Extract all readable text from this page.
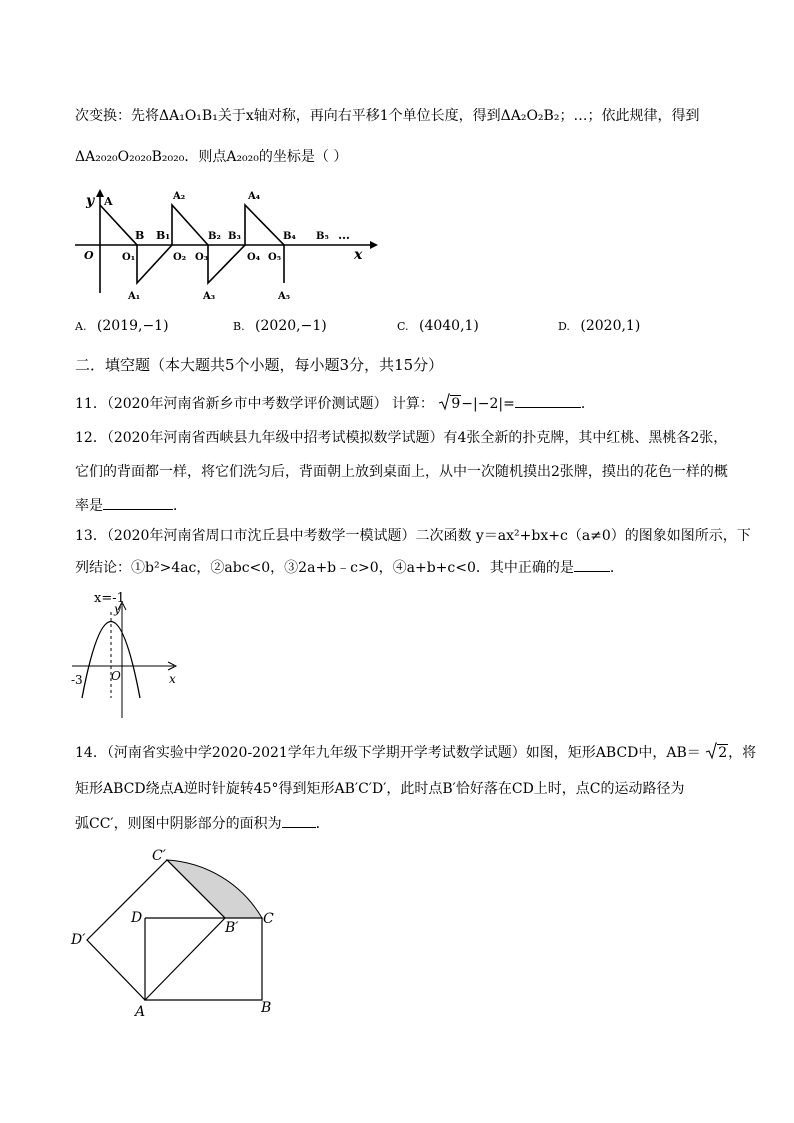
次变换：先将ΔA₁O₁B₁关于x轴对称，再向右平移1个单位长度，得到ΔA₂O₂B₂；…；依此规律，得到
ΔA₂₀₂₀O₂₀₂₀B₂₀₂₀．则点A₂₀₂₀的坐标是（ ）
y A
O
B B₁
O₁
A₁
A₂
O₂
B₂
O₃
A₃
B₃
A₄
O₄
B₄
O₅
A₅
B₅ …
x
A. (2019,−1)	B. (2020,−1)	C. (4040,1)	D. (2020,1)
二．填空题（本大题共5个小题，每小题3分，共15分）
11．（2020年河南省新乡市中考数学评价测试题） 计算： 9−|−2|=	．
12．（2020年河南省西峡县九年级中招考试模拟数学试题）有4张全新的扑克牌，其中红桃、黑桃各2张，
它们的背面都一样，将它们洗匀后，背面朝上放到桌面上，从中一次随机摸出2张牌，摸出的花色一样的概
率是	．
13．（2020年河南省周口市沈丘县中考数学一模试题）二次函数 y＝ax²+bx+c（a≠0）的图象如图所示，下
列结论：①b²>4ac，②abc<0，③2a+b﹣c>0，④a+b+c<0．其中正确的是	．
x=-1
y
x
O
-3
14．（河南省实验中学2020-2021学年九年级下学期开学考试数学试题）如图，矩形ABCD中，AB＝ 2，将
矩形ABCD绕点A逆时针旋转45°得到矩形AB′C′D′，此时点B′恰好落在CD上时，点C的运动路径为
弧CC′，则图中阴影部分的面积为 ．
C′
D
B′
C
D′
A	B
